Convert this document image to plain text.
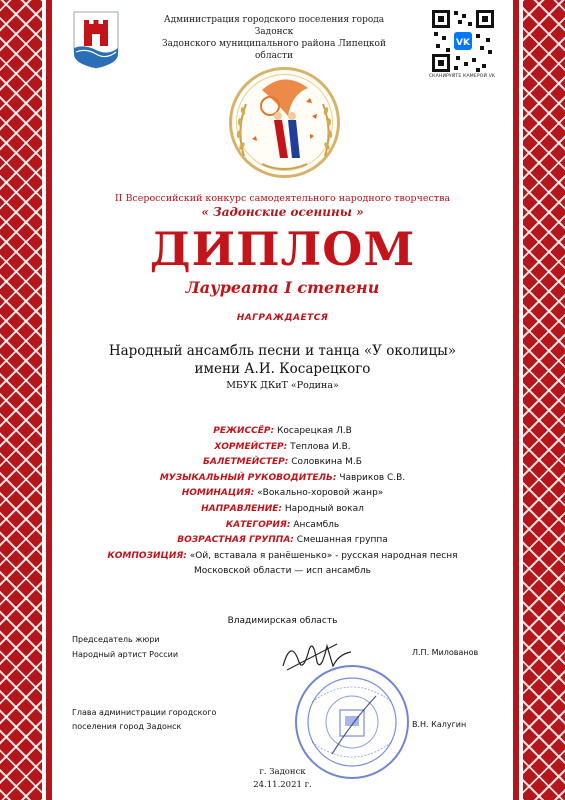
Администрация городского поселения города Задонск
Задонского муниципального района Липецкой области
VK
СКАНИРУЙТЕ КАМЕРОЙ VK
II Всероссийский конкурс самодеятельного народного творчества
« Задонские осенины »
ДИПЛОМ
Лауреата I степени
НАГРАЖДАЕТСЯ
Народный ансамбль песни и танца «У околицы»
имени А.И. Косарецкого
МБУК ДКиТ «Родина»
РЕЖИССЁР: Косарецкая Л.В
ХОРМЕЙСТЕР: Теплова И.В.
БАЛЕТМЕЙСТЕР: Соловкина М.Б
МУЗЫКАЛЬНЫЙ РУКОВОДИТЕЛЬ: Чавриков С.В.
НОМИНАЦИЯ: «Вокально-хоровой жанр»
НАПРАВЛЕНИЕ: Народный вокал
КАТЕГОРИЯ: Ансамбль
ВОЗРАСТНАЯ ГРУППА: Смешанная группа
КОМПОЗИЦИЯ: «Ой, вставала я ранёшенько» - русская народная песня
Московской области — исп ансамбль
Владимирская область
Председатель жюри
Народный артист России	Л.П. Милованов
Глава администрации городского
поселения город Задонск	В.Н. Калугин
г. Задонск
24.11.2021 г.
